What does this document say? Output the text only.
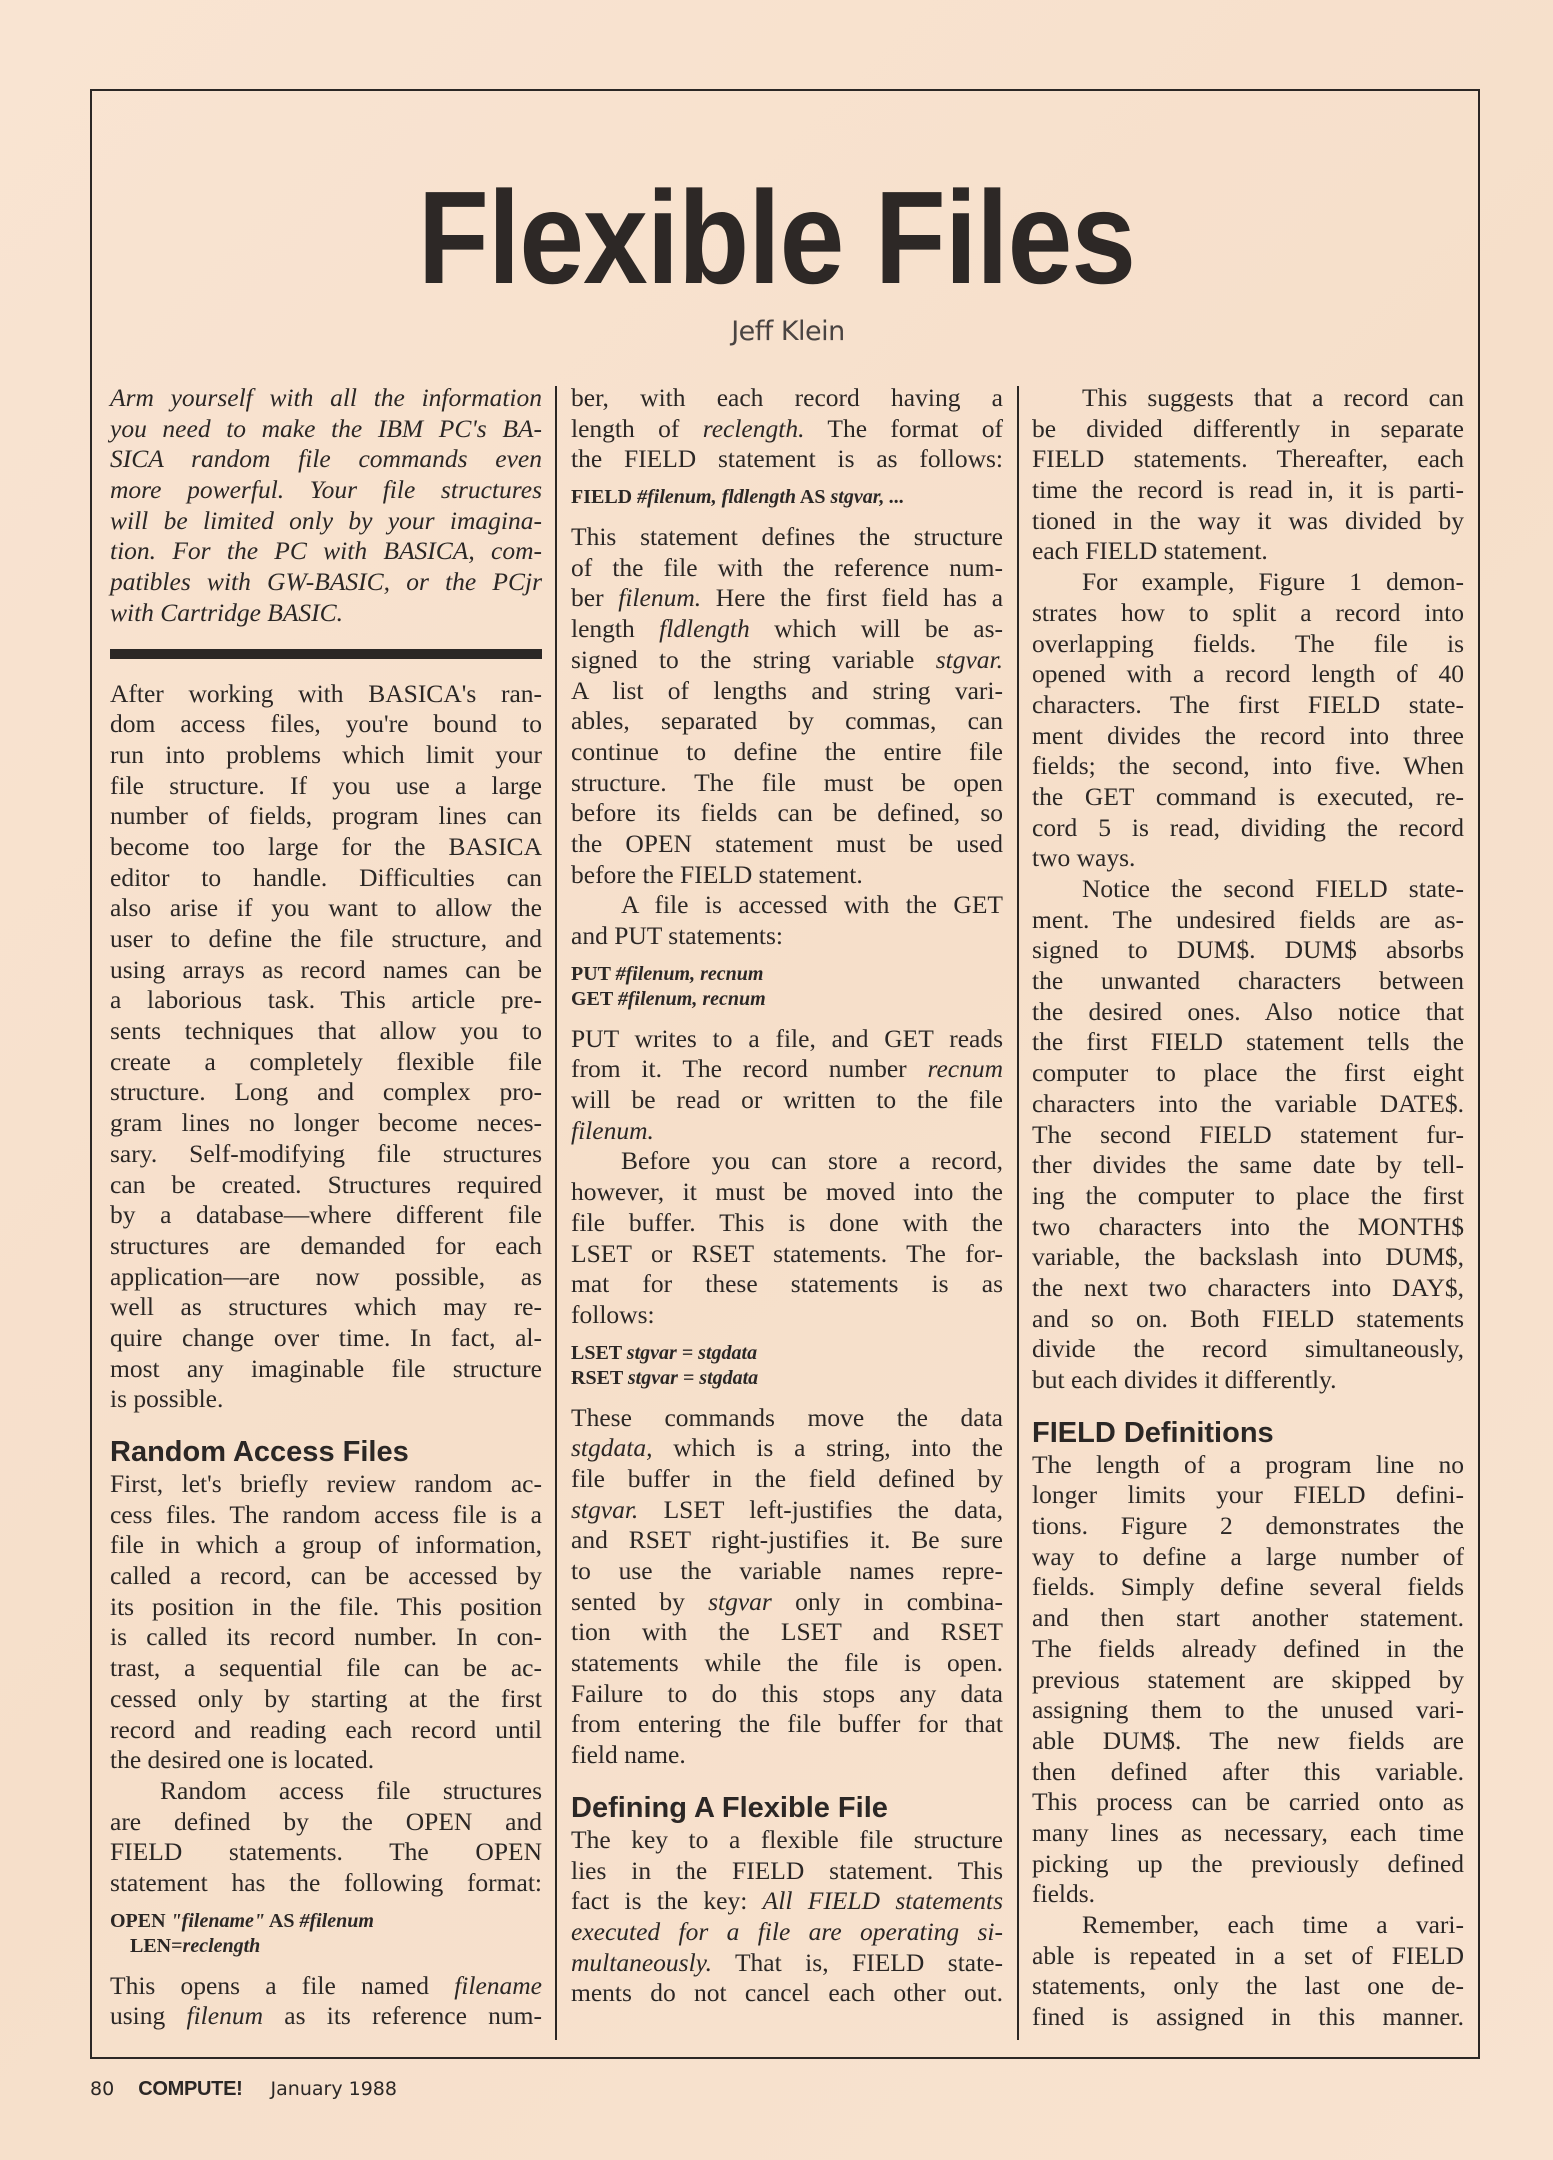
Flexible Files
Jeff Klein
Arm yourself with all the information
you need to make the IBM PC's BA-
SICA random file commands even
more powerful. Your file structures
will be limited only by your imagina-
tion. For the PC with BASICA, com-
patibles with GW-BASIC, or the PCjr
with Cartridge BASIC.
After working with BASICA's ran-
dom access files, you're bound to
run into problems which limit your
file structure. If you use a large
number of fields, program lines can
become too large for the BASICA
editor to handle. Difficulties can
also arise if you want to allow the
user to define the file structure, and
using arrays as record names can be
a laborious task. This article pre-
sents techniques that allow you to
create a completely flexible file
structure. Long and complex pro-
gram lines no longer become neces-
sary. Self-modifying file structures
can be created. Structures required
by a database—where different file
structures are demanded for each
application—are now possible, as
well as structures which may re-
quire change over time. In fact, al-
most any imaginable file structure
is possible.
Random Access Files
First, let's briefly review random ac-
cess files. The random access file is a
file in which a group of information,
called a record, can be accessed by
its position in the file. This position
is called its record number. In con-
trast, a sequential file can be ac-
cessed only by starting at the first
record and reading each record until
the desired one is located.
Random access file structures
are defined by the OPEN and
FIELD statements. The OPEN
statement has the following format:
OPEN "filename" AS #filenum
LEN=reclength
This opens a file named filename
using filenum as its reference num-
ber, with each record having a
length of reclength. The format of
the FIELD statement is as follows:
FIELD #filenum, fldlength AS stgvar, ...
This statement defines the structure
of the file with the reference num-
ber filenum. Here the first field has a
length fldlength which will be as-
signed to the string variable stgvar.
A list of lengths and string vari-
ables, separated by commas, can
continue to define the entire file
structure. The file must be open
before its fields can be defined, so
the OPEN statement must be used
before the FIELD statement.
A file is accessed with the GET
and PUT statements:
PUT #filenum, recnum
GET #filenum, recnum
PUT writes to a file, and GET reads
from it. The record number recnum
will be read or written to the file
filenum.
Before you can store a record,
however, it must be moved into the
file buffer. This is done with the
LSET or RSET statements. The for-
mat for these statements is as
follows:
LSET stgvar = stgdata
RSET stgvar = stgdata
These commands move the data
stgdata, which is a string, into the
file buffer in the field defined by
stgvar. LSET left-justifies the data,
and RSET right-justifies it. Be sure
to use the variable names repre-
sented by stgvar only in combina-
tion with the LSET and RSET
statements while the file is open.
Failure to do this stops any data
from entering the file buffer for that
field name.
Defining A Flexible File
The key to a flexible file structure
lies in the FIELD statement. This
fact is the key: All FIELD statements
executed for a file are operating si-
multaneously. That is, FIELD state-
ments do not cancel each other out.
This suggests that a record can
be divided differently in separate
FIELD statements. Thereafter, each
time the record is read in, it is parti-
tioned in the way it was divided by
each FIELD statement.
For example, Figure 1 demon-
strates how to split a record into
overlapping fields. The file is
opened with a record length of 40
characters. The first FIELD state-
ment divides the record into three
fields; the second, into five. When
the GET command is executed, re-
cord 5 is read, dividing the record
two ways.
Notice the second FIELD state-
ment. The undesired fields are as-
signed to DUM$. DUM$ absorbs
the unwanted characters between
the desired ones. Also notice that
the first FIELD statement tells the
computer to place the first eight
characters into the variable DATE$.
The second FIELD statement fur-
ther divides the same date by tell-
ing the computer to place the first
two characters into the MONTH$
variable, the backslash into DUM$,
the next two characters into DAY$,
and so on. Both FIELD statements
divide the record simultaneously,
but each divides it differently.
FIELD Definitions
The length of a program line no
longer limits your FIELD defini-
tions. Figure 2 demonstrates the
way to define a large number of
fields. Simply define several fields
and then start another statement.
The fields already defined in the
previous statement are skipped by
assigning them to the unused vari-
able DUM$. The new fields are
then defined after this variable.
This process can be carried onto as
many lines as necessary, each time
picking up the previously defined
fields.
Remember, each time a vari-
able is repeated in a set of FIELD
statements, only the last one de-
fined is assigned in this manner.
80 COMPUTE! January 1988
